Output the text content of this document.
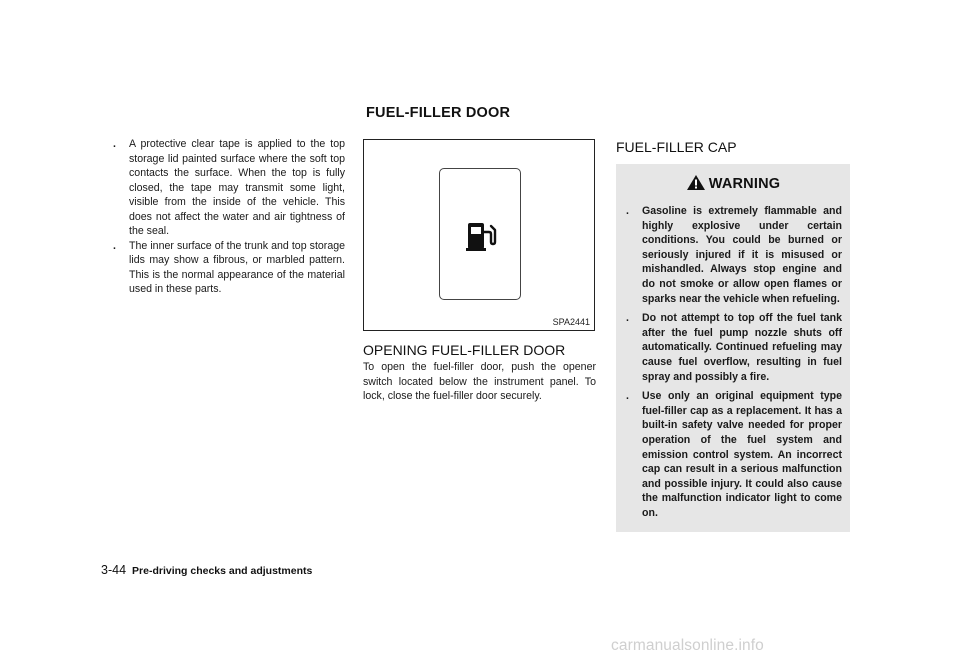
FUEL-FILLER DOOR

. A protective clear tape is applied to the top storage lid painted surface where the soft top contacts the surface. When the top is fully closed, the tape may transmit some light, visible from the inside of the vehicle. This does not affect the water and air tightness of the seal.

. The inner surface of the trunk and top storage lids may show a fibrous, or marbled pattern. This is the normal appearance of the material used in these parts.

SPA2441
OPENING FUEL-FILLER DOOR
To open the fuel-filler door, push the opener switch located below the instrument panel. To lock, close the fuel-filler door securely.
FUEL-FILLER CAP
WARNING

. Gasoline is extremely flammable and highly explosive under certain conditions. You could be burned or seriously injured if it is misused or mishandled. Always stop engine and do not smoke or allow open flames or sparks near the vehicle when refueling.

. Do not attempt to top off the fuel tank after the fuel pump nozzle shuts off automatically. Continued refueling may cause fuel overflow, resulting in fuel spray and possibly a fire.

. Use only an original equipment type fuel-filler cap as a replacement. It has a built-in safety valve needed for proper operation of the fuel system and emission control system. An incorrect cap can result in a serious malfunction and possible injury. It could also cause the malfunction indicator light to come on.

3-44 Pre-driving checks and adjustments
carmanualsonline.info
